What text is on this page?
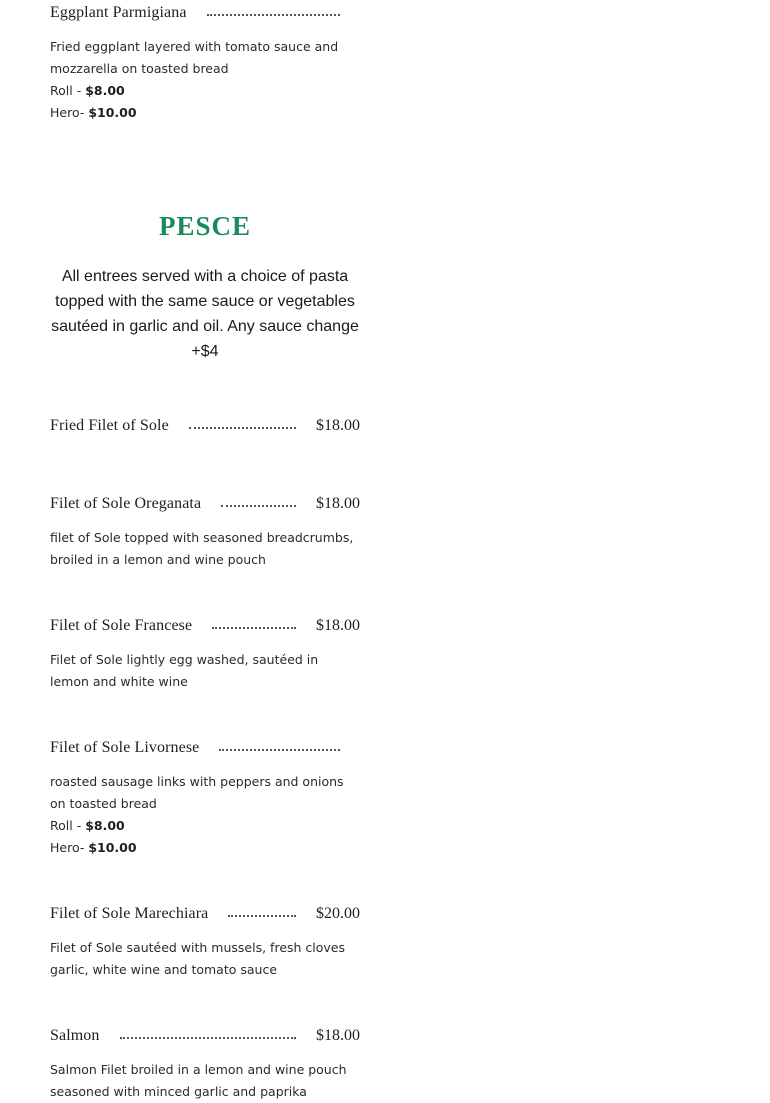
Eggplant Parmigiana

Fried eggplant layered with tomato sauce and mozzarella on toasted bread

Roll - $8.00

Hero- $10.00

PESCE
All entrees served with a choice of pasta topped with the same sauce or vegetables sautéed in garlic and oil. Any sauce change +$4
Fried Filet of Sole	$18.00
Filet of Sole Oreganata	$18.00

filet of Sole topped with seasoned breadcrumbs, broiled in a lemon and wine pouch

Filet of Sole Francese	$18.00

Filet of Sole lightly egg washed, sautéed in lemon and white wine

Filet of Sole Livornese

roasted sausage links with peppers and onions on toasted bread

Roll - $8.00

Hero- $10.00

Filet of Sole Marechiara	$20.00

Filet of Sole sautéed with mussels, fresh cloves garlic, white wine and tomato sauce

Salmon	$18.00

Salmon Filet broiled in a lemon and wine pouch seasoned with minced garlic and paprika
